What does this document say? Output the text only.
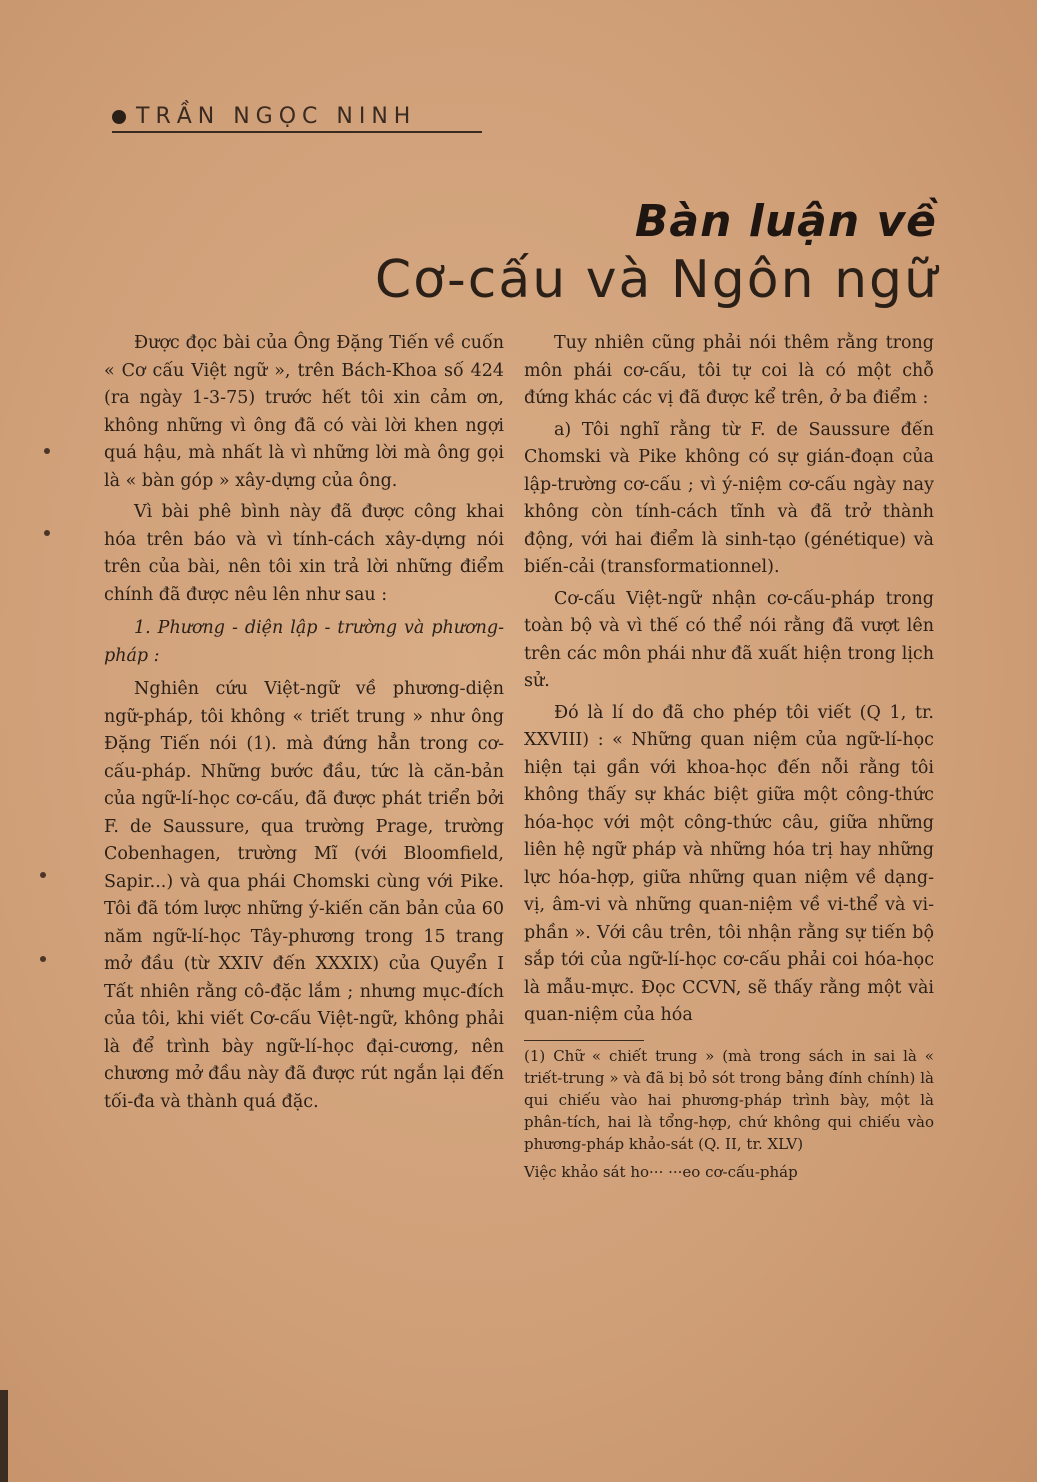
TRẦN NGỌC NINH
Bàn luận về
Cơ-cấu và Ngôn ngữ

Được đọc bài của Ông Đặng Tiến về cuốn « Cơ cấu Việt ngữ », trên Bách-Khoa số 424 (ra ngày 1-3-75) trước hết tôi xin cảm ơn, không những vì ông đã có vài lời khen ngợi quá hậu, mà nhất là vì những lời mà ông gọi là « bàn góp » xây-dựng của ông.

Vì bài phê bình này đã được công khai hóa trên báo và vì tính-cách xây-dựng nói trên của bài, nên tôi xin trả lời những điểm chính đã được nêu lên như sau :

1. Phương - diện lập - trường và phương-pháp :

Nghiên cứu Việt-ngữ về phương-diện ngữ-pháp, tôi không « triết trung » như ông Đặng Tiến nói (1). mà đứng hẳn trong cơ-cấu-pháp. Những bước đầu, tức là căn-bản của ngữ-lí-học cơ-cấu, đã được phát triển bởi F. de Saussure, qua trường Prage, trường Cobenhagen, trường Mĩ (với Bloomfield, Sapir...) và qua phái Chomski cùng với Pike. Tôi đã tóm lược những ý-kiến căn bản của 60 năm ngữ-lí-học Tây-phương trong 15 trang mở đầu (từ XXIV đến XXXIX) của Quyển I Tất nhiên rằng cô-đặc lắm ; nhưng mục-đích của tôi, khi viết Cơ-cấu Việt-ngữ, không phải là để trình bày ngữ-lí-học đại-cương, nên chương mở đầu này đã được rút ngắn lại đến tối-đa và thành quá đặc.

Tuy nhiên cũng phải nói thêm rằng trong môn phái cơ-cấu, tôi tự coi là có một chỗ đứng khác các vị đã được kể trên, ở ba điểm :

a) Tôi nghĩ rằng từ F. de Saussure đến Chomski và Pike không có sự gián-đoạn của lập-trường cơ-cấu ; vì ý-niệm cơ-cấu ngày nay không còn tính-cách tĩnh và đã trở thành động, với hai điểm là sinh-tạo (génétique) và biến-cải (transformationnel).

Cơ-cấu Việt-ngữ nhận cơ-cấu-pháp trong toàn bộ và vì thế có thể nói rằng đã vượt lên trên các môn phái như đã xuất hiện trong lịch sử.

Đó là lí do đã cho phép tôi viết (Q 1, tr. XXVIII) : « Những quan niệm của ngữ-lí-học hiện tại gần với khoa-học đến nỗi rằng tôi không thấy sự khác biệt giữa một công-thức hóa-học với một công-thức câu, giữa những liên hệ ngữ pháp và những hóa trị hay những lực hóa-hợp, giữa những quan niệm về dạng-vị, âm-vi và những quan-niệm về vi-thể và vi-phần ». Với câu trên, tôi nhận rằng sự tiến bộ sắp tới của ngữ-lí-học cơ-cấu phải coi hóa-học là mẫu-mực. Đọc CCVN, sẽ thấy rằng một vài quan-niệm của hóa

(1) Chữ « chiết trung » (mà trong sách in sai là « triết-trung » và đã bị bỏ sót trong bảng đính chính) là qui chiếu vào hai phương-pháp trình bày, một là phân-tích, hai là tổng-hợp, chứ không qui chiếu vào phương-pháp khảo-sát (Q. II, tr. XLV)

Việc khảo sát ho··· ···eo cơ-cấu-pháp
